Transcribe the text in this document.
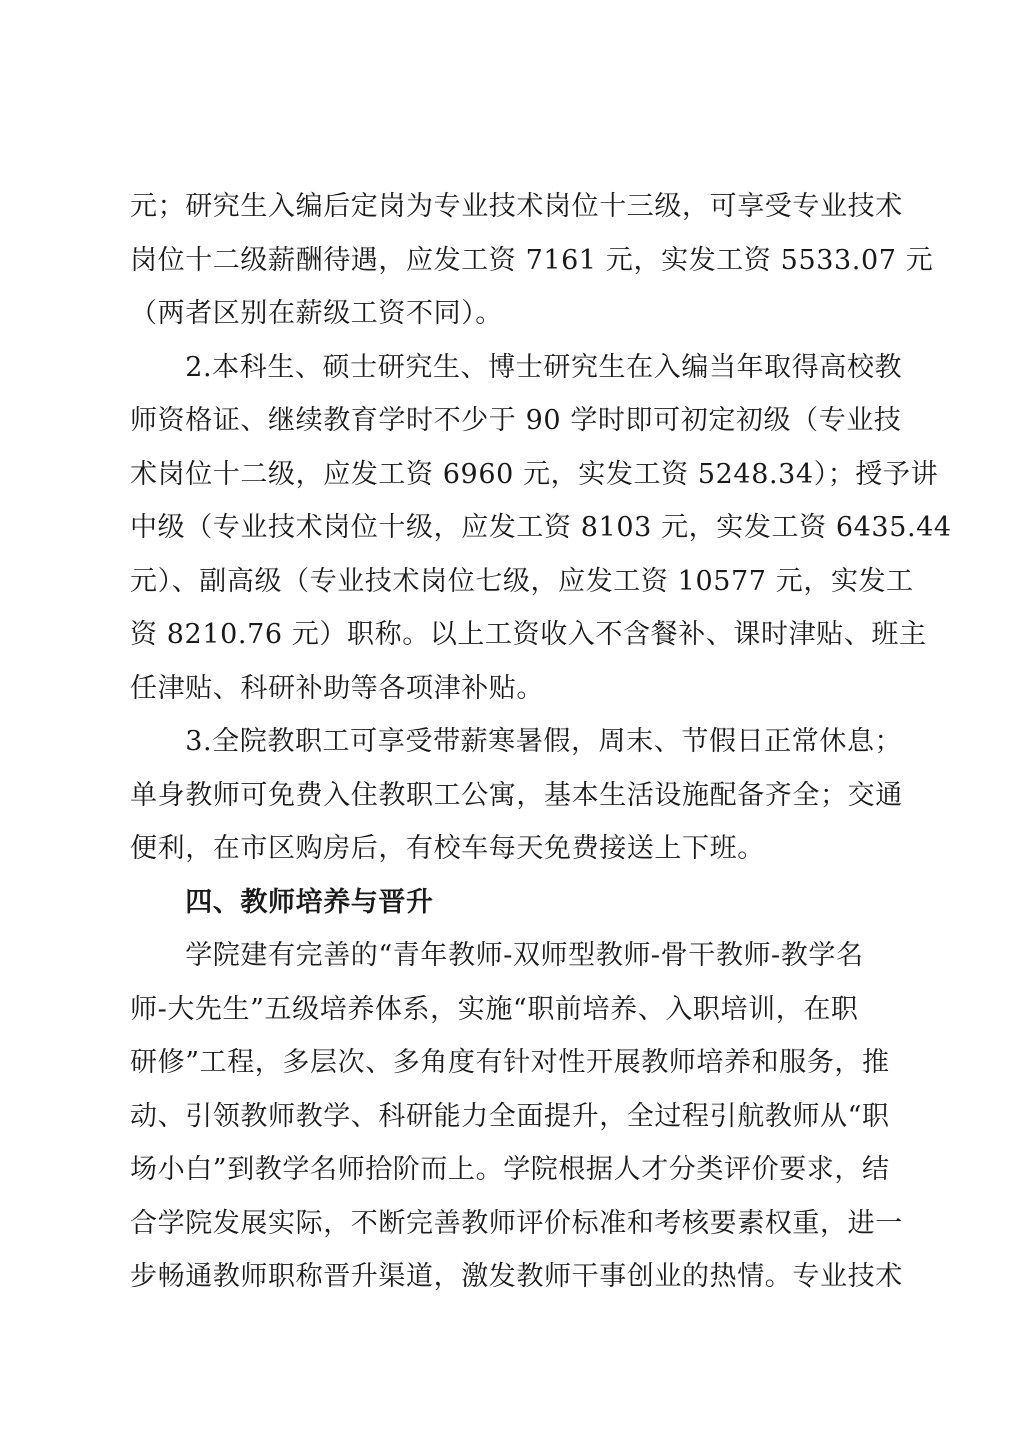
元；研究生入编后定岗为专业技术岗位十三级，可享受专业技术
岗位十二级薪酬待遇，应发工资 7161 元，实发工资 5533.07 元
（两者区别在薪级工资不同）。
　　2.本科生、硕士研究生、博士研究生在入编当年取得高校教
师资格证、继续教育学时不少于 90 学时即可初定初级（专业技
术岗位十二级，应发工资 6960 元，实发工资 5248.34）；授予讲
中级（专业技术岗位十级，应发工资 8103 元，实发工资 6435.44
元）、副高级（专业技术岗位七级，应发工资 10577 元，实发工
资 8210.76 元）职称。以上工资收入不含餐补、课时津贴、班主
任津贴、科研补助等各项津补贴。
　　3.全院教职工可享受带薪寒暑假，周末、节假日正常休息；
单身教师可免费入住教职工公寓，基本生活设施配备齐全；交通
便利，在市区购房后，有校车每天免费接送上下班。
　　四、教师培养与晋升
　　学院建有完善的“青年教师-双师型教师-骨干教师-教学名
师-大先生”五级培养体系，实施“职前培养、入职培训，在职
研修”工程，多层次、多角度有针对性开展教师培养和服务，推
动、引领教师教学、科研能力全面提升，全过程引航教师从“职
场小白”到教学名师拾阶而上。学院根据人才分类评价要求，结
合学院发展实际，不断完善教师评价标准和考核要素权重，进一
步畅通教师职称晋升渠道，激发教师干事创业的热情。专业技术
